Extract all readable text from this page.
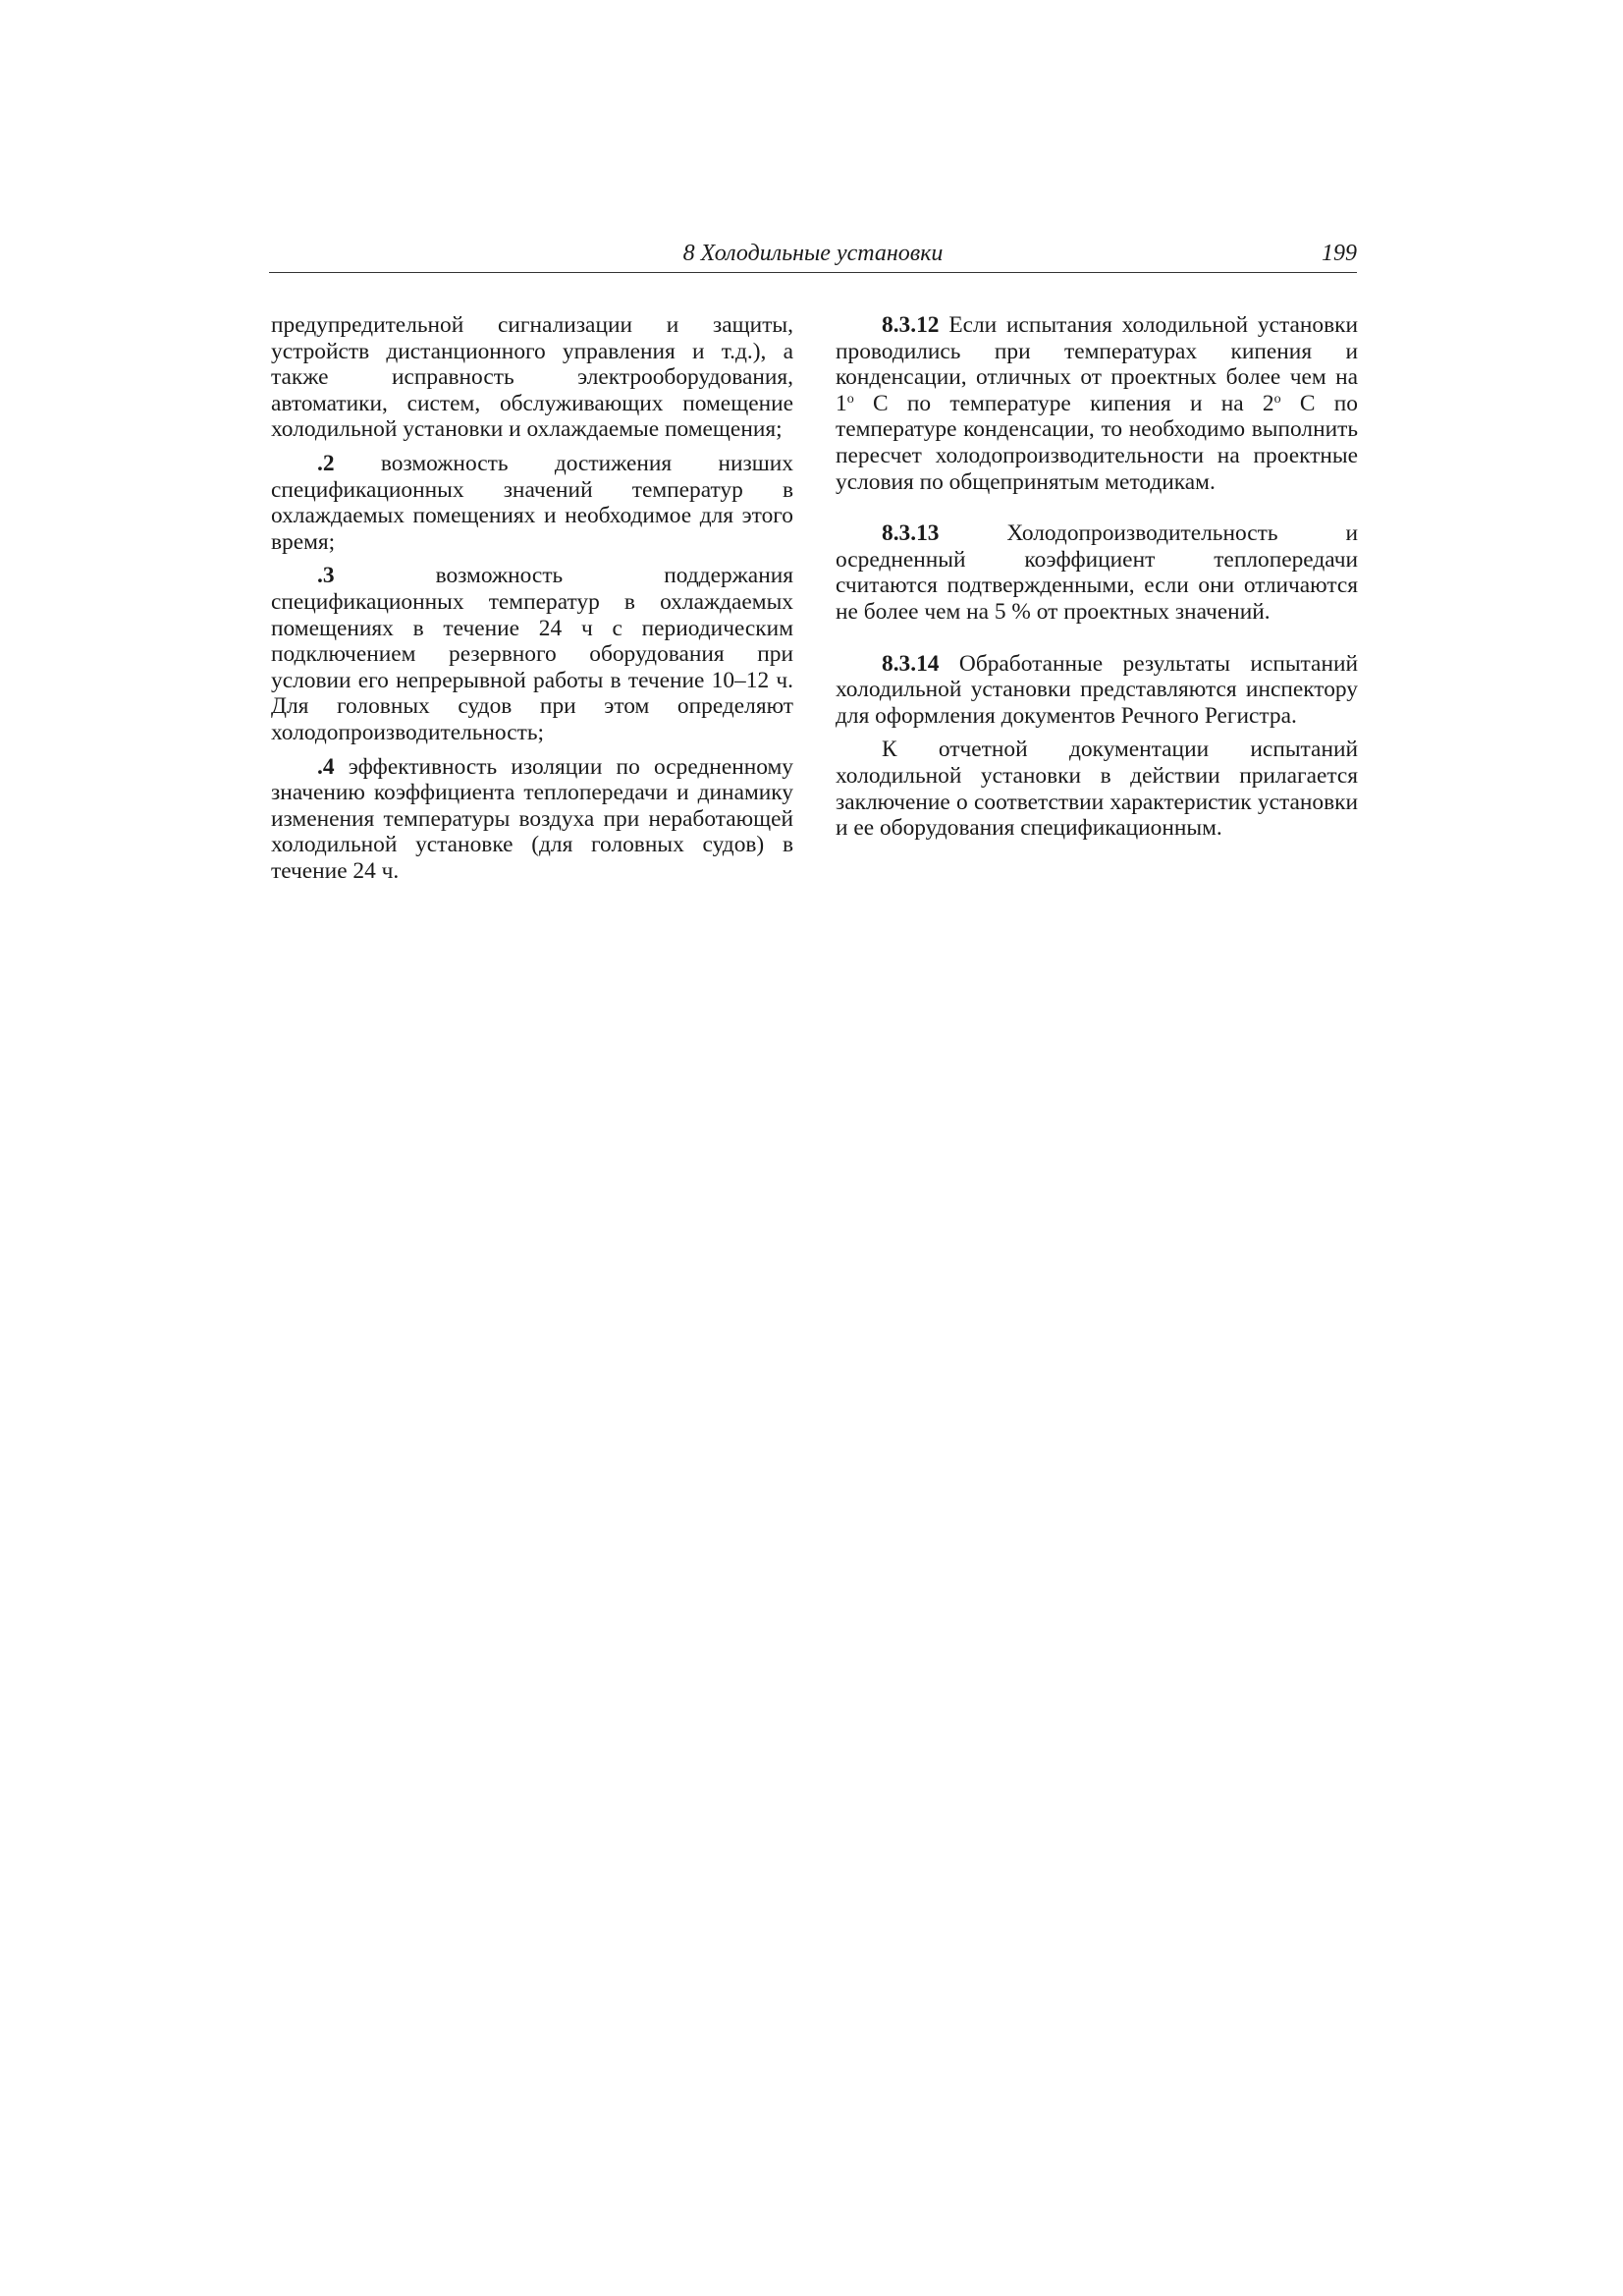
8 Холодильные установки	199

предупредительной сигнализации и защиты, устройств дистанционного управления и т.д.), а также исправность электрооборудования, автоматики, систем, обслуживающих помещение холодильной установки и охлаждаемые помещения;

.2 возможность достижения низших спецификационных значений температур в охлаждаемых помещениях и необходимое для этого время;

.3 возможность поддержания спецификационных температур в охлаждаемых помещениях в течение 24 ч с периодическим подключением резервного оборудования при условии его непрерывной работы в течение 10–12 ч. Для головных судов при этом определяют холодопроизводительность;

.4 эффективность изоляции по осредненному значению коэффициента теплопередачи и динамику изменения температуры воздуха при неработающей холодильной установке (для головных судов) в течение 24 ч.

8.3.12 Если испытания холодильной установки проводились при температурах кипения и конденсации, отличных от проектных более чем на $1^о$ С по температуре кипения и на $2^о$ С по температуре конденсации, то необходимо выполнить пересчет холодопроизводительности на проектные условия по общепринятым методикам.

8.3.13 Холодопроизводительность и осредненный коэффициент теплопередачи считаются подтвержденными, если они отличаются не более чем на 5 % от проектных значений.

8.3.14 Обработанные результаты испытаний холодильной установки представляются инспектору для оформления документов Речного Регистра.

К отчетной документации испытаний холодильной установки в действии прилагается заключение о соответствии характеристик установки и ее оборудования спецификационным.
